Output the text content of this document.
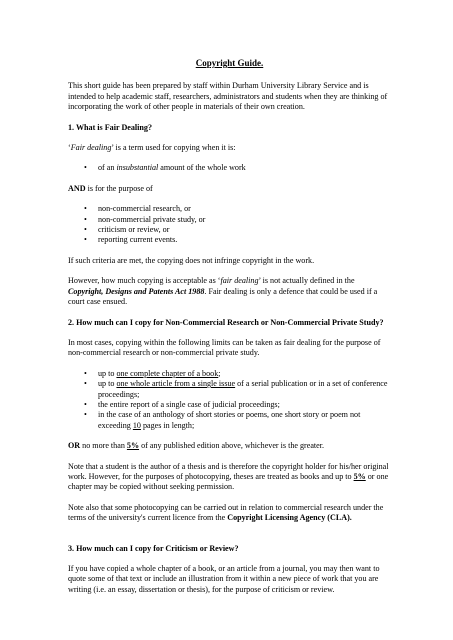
Copyright Guide.

This short guide has been prepared by staff within Durham University Library Service and is intended to help academic staff, researchers, administrators and students when they are thinking of incorporating the work of other people in materials of their own creation.

1. What is Fair Dealing?

‘Fair dealing’ is a term used for copying when it is:

• of an insubstantial amount of the whole work

AND is for the purpose of

• non-commercial research, or
• non-commercial private study, or
• criticism or review, or
• reporting current events.

If such criteria are met, the copying does not infringe copyright in the work.

However, how much copying is acceptable as ‘fair dealing’ is not actually defined in the Copyright, Designs and Patents Act 1988. Fair dealing is only a defence that could be used if a court case ensued.

2. How much can I copy for Non-Commercial Research or Non-Commercial Private Study?

In most cases, copying within the following limits can be taken as fair dealing for the purpose of non-commercial research or non-commercial private study.

• up to one complete chapter of a book;
• up to one whole article from a single issue of a serial publication or in a set of conference proceedings;
• the entire report of a single case of judicial proceedings;
• in the case of an anthology of short stories or poems, one short story or poem not exceeding 10 pages in length;

OR no more than 5% of any published edition above, whichever is the greater.

Note that a student is the author of a thesis and is therefore the copyright holder for his/her original work. However, for the purposes of photocopying, theses are treated as books and up to 5% or one chapter may be copied without seeking permission.

Note also that some photocopying can be carried out in relation to commercial research under the terms of the university's current licence from the Copyright Licensing Agency (CLA).

3. How much can I copy for Criticism or Review?

If you have copied a whole chapter of a book, or an article from a journal, you may then want to quote some of that text or include an illustration from it within a new piece of work that you are writing (i.e. an essay, dissertation or thesis), for the purpose of criticism or review.
